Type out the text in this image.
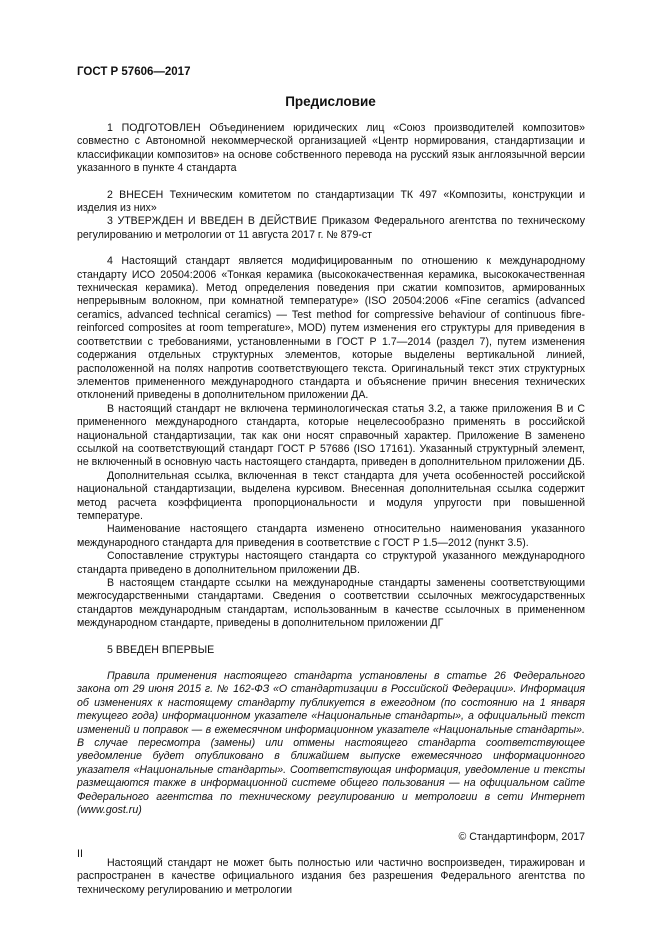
ГОСТ Р 57606—2017
Предисловие

1 ПОДГОТОВЛЕН Объединением юридических лиц «Союз производителей композитов» совместно с Автономной некоммерческой организацией «Центр нормирования, стандартизации и классификации композитов» на основе собственного перевода на русский язык англоязычной версии указанного в пункте 4 стандарта

2 ВНЕСЕН Техническим комитетом по стандартизации ТК 497 «Композиты, конструкции и изделия из них»

3 УТВЕРЖДЕН И ВВЕДЕН В ДЕЙСТВИЕ Приказом Федерального агентства по техническому регулированию и метрологии от 11 августа 2017 г. № 879-ст

4 Настоящий стандарт является модифицированным по отношению к международному стандарту ИСО 20504:2006 «Тонкая керамика (высококачественная керамика, высококачественная техническая керамика). Метод определения поведения при сжатии композитов, армированных непрерывным волокном, при комнатной температуре» (ISO 20504:2006 «Fine ceramics (advanced ceramics, advanced technical ceramics) — Test method for compressive behaviour of continuous fibre-reinforced composites at room temperature», MOD) путем изменения его структуры для приведения в соответствии с требованиями, установленными в ГОСТ Р 1.7—2014 (раздел 7), путем изменения содержания отдельных структурных элементов, которые выделены вертикальной линией, расположенной на полях напротив соответствующего текста. Оригинальный текст этих структурных элементов примененного международного стандарта и объяснение причин внесения технических отклонений приведены в дополнительном приложении ДА.

В настоящий стандарт не включена терминологическая статья 3.2, а также приложения В и С примененного международного стандарта, которые нецелесообразно применять в российской национальной стандартизации, так как они носят справочный характер. Приложение В заменено ссылкой на соответствующий стандарт ГОСТ Р 57686 (ISO 17161). Указанный структурный элемент, не включенный в основную часть настоящего стандарта, приведен в дополнительном приложении ДБ.

Дополнительная ссылка, включенная в текст стандарта для учета особенностей российской национальной стандартизации, выделена курсивом. Внесенная дополнительная ссылка содержит метод расчета коэффициента пропорциональности и модуля упругости при повышенной температуре.

Наименование настоящего стандарта изменено относительно наименования указанного международного стандарта для приведения в соответствие с ГОСТ Р 1.5—2012 (пункт 3.5).

Сопоставление структуры настоящего стандарта со структурой указанного международного стандарта приведено в дополнительном приложении ДВ.

В настоящем стандарте ссылки на международные стандарты заменены соответствующими межгосударственными стандартами. Сведения о соответствии ссылочных межгосударственных стандартов международным стандартам, использованным в качестве ссылочных в примененном международном стандарте, приведены в дополнительном приложении ДГ

5 ВВЕДЕН ВПЕРВЫЕ

Правила применения настоящего стандарта установлены в статье 26 Федерального закона от 29 июня 2015 г. № 162-ФЗ «О стандартизации в Российской Федерации». Информация об изменениях к настоящему стандарту публикуется в ежегодном (по состоянию на 1 января текущего года) информационном указателе «Национальные стандарты», а официальный текст изменений и поправок — в ежемесячном информационном указателе «Национальные стандарты». В случае пересмотра (замены) или отмены настоящего стандарта соответствующее уведомление будет опубликовано в ближайшем выпуске ежемесячного информационного указателя «Национальные стандарты». Соответствующая информация, уведомление и тексты размещаются также в информационной системе общего пользования — на официальном сайте Федерального агентства по техническому регулированию и метрологии в сети Интернет (www.gost.ru)

© Стандартинформ, 2017

Настоящий стандарт не может быть полностью или частично воспроизведен, тиражирован и распространен в качестве официального издания без разрешения Федерального агентства по техническому регулированию и метрологии

II
